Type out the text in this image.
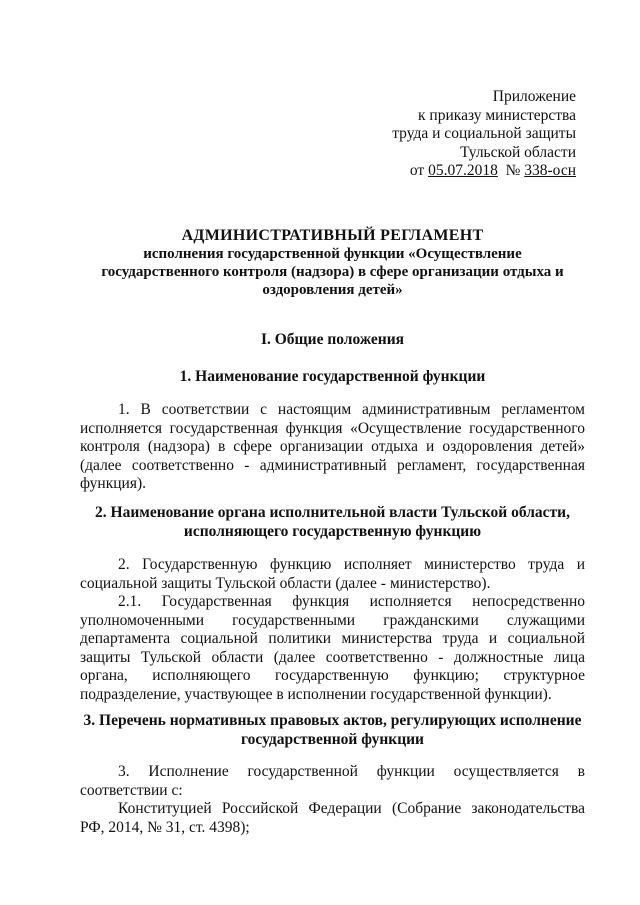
Приложение
к приказу министерства
труда и социальной защиты
Тульской области
от 05.07.2018  № 338-осн
АДМИНИСТРАТИВНЫЙ РЕГЛАМЕНТ
исполнения государственной функции «Осуществление
государственного контроля (надзора) в сфере организации отдыха и
оздоровления детей»
I. Общие положения
1. Наименование государственной функции
1. В соответствии с настоящим административным регламентом исполняется государственная функция «Осуществление государственного контроля (надзора) в сфере организации отдыха и оздоровления детей» (далее соответственно - административный регламент, государственная функция).
2. Наименование органа исполнительной власти Тульской области,
исполняющего государственную функцию
2. Государственную функцию исполняет министерство труда и социальной защиты Тульской области (далее - министерство).
2.1. Государственная функция исполняется непосредственно уполномоченными государственными гражданскими служащими департамента социальной политики министерства труда и социальной защиты Тульской области (далее соответственно - должностные лица органа, исполняющего государственную функцию; структурное подразделение, участвующее в исполнении государственной функции).
3. Перечень нормативных правовых актов, регулирующих исполнение
государственной функции
3. Исполнение государственной функции осуществляется в соответствии с:
Конституцией Российской Федерации (Собрание законодательства РФ, 2014, № 31, ст. 4398);
